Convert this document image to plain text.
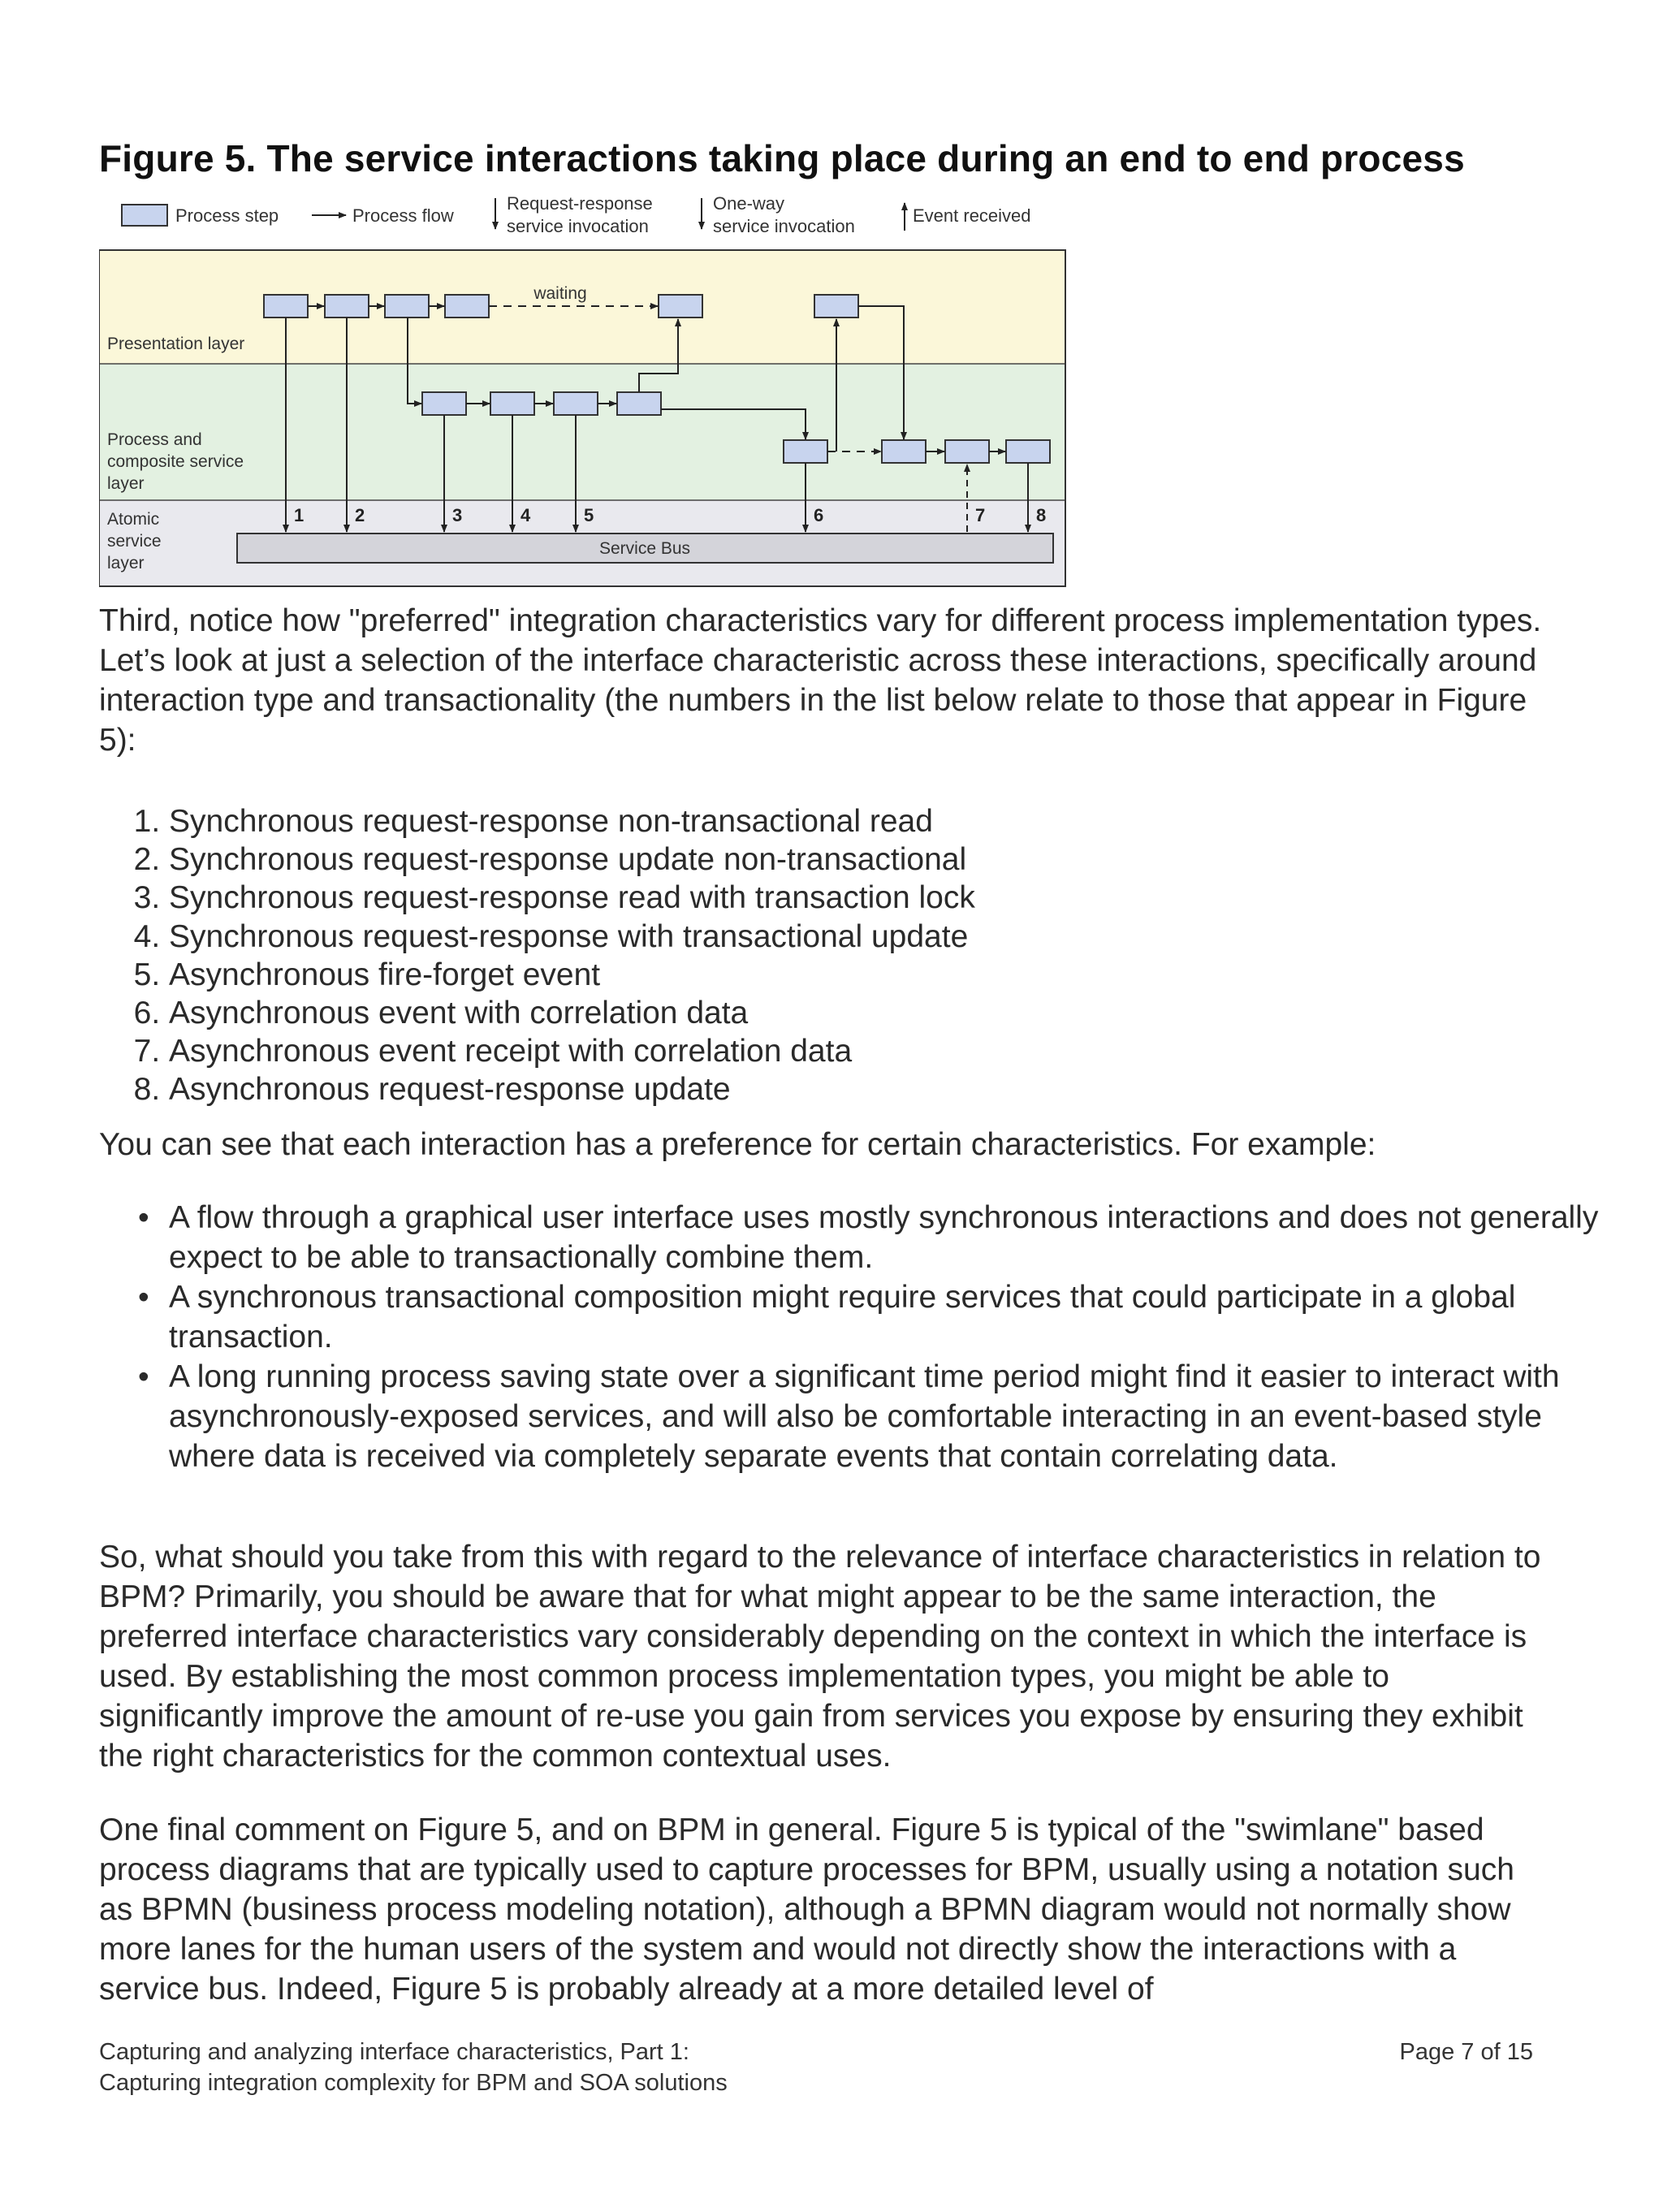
Figure 5. The service interactions taking place during an end to end process
Process step	Process flow
Request-response
service invocation
One-way
service invocation
Event received
Presentation layer
Process and
composite service
layer
Atomic
service
layer
Service Bus
waiting
1	2	3	4	5	6	7	8

Third, notice how "preferred" integration characteristics vary for different process implementation types. Let’s look at just a selection of the interface characteristic across these interactions, specifically around interaction type and transactionality (the numbers in the list below relate to those that appear in Figure 5):

1. Synchronous request-response non-transactional read
2. Synchronous request-response update non-transactional
3. Synchronous request-response read with transaction lock
4. Synchronous request-response with transactional update
5. Asynchronous fire-forget event
6. Asynchronous event with correlation data
7. Asynchronous event receipt with correlation data
8. Asynchronous request-response update

You can see that each interaction has a preference for certain characteristics. For example:

• A flow through a graphical user interface uses mostly synchronous interactions and does not generally expect to be able to transactionally combine them.
• A synchronous transactional composition might require services that could participate in a global transaction.
• A long running process saving state over a significant time period might find it easier to interact with asynchronously-exposed services, and will also be comfortable interacting in an event-based style where data is received via completely separate events that contain correlating data.

So, what should you take from this with regard to the relevance of interface characteristics in relation to BPM? Primarily, you should be aware that for what might appear to be the same interaction, the preferred interface characteristics vary considerably depending on the context in which the interface is used. By establishing the most common process implementation types, you might be able to significantly improve the amount of re-use you gain from services you expose by ensuring they exhibit the right characteristics for the common contextual uses.

One final comment on Figure 5, and on BPM in general. Figure 5 is typical of the "swimlane" based process diagrams that are typically used to capture processes for BPM, usually using a notation such as BPMN (business process modeling notation), although a BPMN diagram would not normally show more lanes for the human users of the system and would not directly show the interactions with a service bus. Indeed, Figure 5 is probably already at a more detailed level of

Capturing and analyzing interface characteristics, Part 1:
Capturing integration complexity for BPM and SOA solutions
Page 7 of 15
